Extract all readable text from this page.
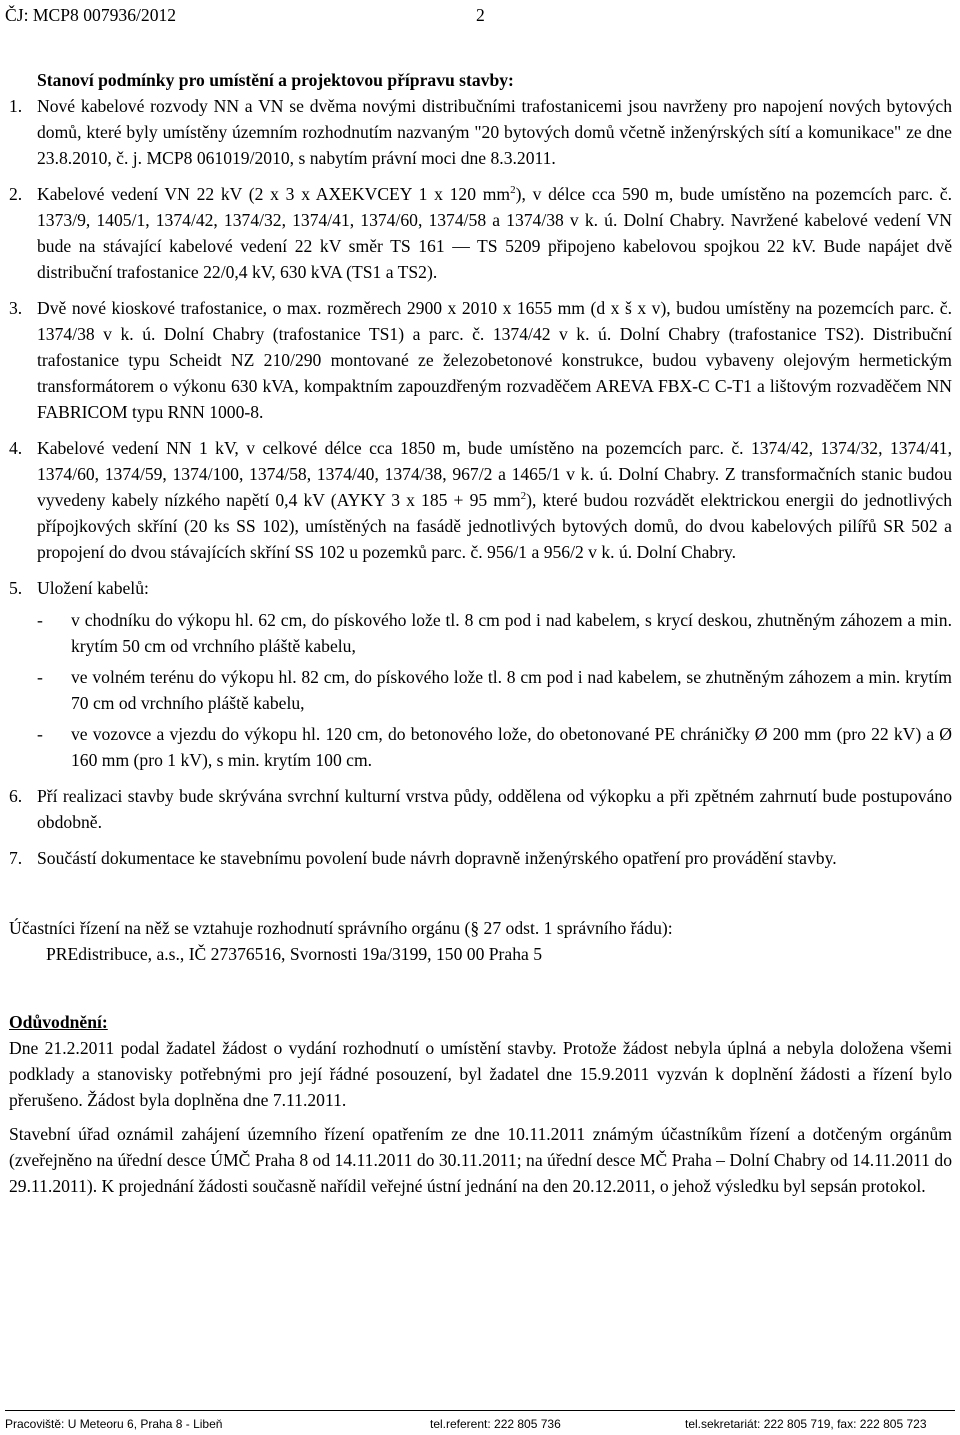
ČJ: MCP8 007936/2012	2

Stanoví podmínky pro umístění a projektovou přípravu stavby:

1. Nové kabelové rozvody NN a VN se dvěma novými distribučními trafostanicemi jsou navrženy pro napojení nových bytových domů, které byly umístěny územním rozhodnutím nazvaným "20 bytových domů včetně inženýrských sítí a komunikace" ze dne 23.8.2010, č. j. MCP8 061019/2010, s nabytím právní moci dne 8.3.2011.
2. Kabelové vedení VN 22 kV (2 x 3 x AXEKVCEY 1 x 120 $mm^2$), v délce cca 590 m, bude umístěno na pozemcích parc. č. 1373/9, 1405/1, 1374/42, 1374/32, 1374/41, 1374/60, 1374/58 a 1374/38 v k. ú. Dolní Chabry. Navržené kabelové vedení VN bude na stávající kabelové vedení 22 kV směr TS 161 — TS 5209 připojeno kabelovou spojkou 22 kV. Bude napájet dvě distribuční trafostanice 22/0,4 kV, 630 kVA (TS1 a TS2).
3. Dvě nové kioskové trafostanice, o max. rozměrech 2900 x 2010 x 1655 mm (d x š x v), budou umístěny na pozemcích parc. č. 1374/38 v k. ú. Dolní Chabry (trafostanice TS1) a parc. č. 1374/42 v k. ú. Dolní Chabry (trafostanice TS2). Distribuční trafostanice typu Scheidt NZ 210/290 montované ze železobetonové konstrukce, budou vybaveny olejovým hermetickým transformátorem o výkonu 630 kVA, kompaktním zapouzdřeným rozvaděčem AREVA FBX-C C-T1 a lištovým rozvaděčem NN FABRICOM typu RNN 1000-8.
4. Kabelové vedení NN 1 kV, v celkové délce cca 1850 m, bude umístěno na pozemcích parc. č. 1374/42, 1374/32, 1374/41, 1374/60, 1374/59, 1374/100, 1374/58, 1374/40, 1374/38, 967/2 a 1465/1 v k. ú. Dolní Chabry. Z transformačních stanic budou vyvedeny kabely nízkého napětí 0,4 kV (AYKY 3 x 185 + 95 $mm^2$), které budou rozvádět elektrickou energii do jednotlivých přípojkových skříní (20 ks SS 102), umístěných na fasádě jednotlivých bytových domů, do dvou kabelových pilířů SR 502 a propojení do dvou stávajících skříní SS 102 u pozemků parc. č. 956/1 a 956/2 v k. ú. Dolní Chabry.
5. Uložení kabelů:
- v chodníku do výkopu hl. 62 cm, do pískového lože tl. 8 cm pod i nad kabelem, s krycí deskou, zhutněným záhozem a min. krytím 50 cm od vrchního pláště kabelu,
- ve volném terénu do výkopu hl. 82 cm, do pískového lože tl. 8 cm pod i nad kabelem, se zhutněným záhozem a min. krytím 70 cm od vrchního pláště kabelu,
- ve vozovce a vjezdu do výkopu hl. 120 cm, do betonového lože, do obetonované PE chráničky Ø 200 mm (pro 22 kV) a Ø 160 mm (pro 1 kV), s min. krytím 100 cm.
6. Pří realizaci stavby bude skrývána svrchní kulturní vrstva půdy, oddělena od výkopku a při zpětném zahrnutí bude postupováno obdobně.
7. Součástí dokumentace ke stavebnímu povolení bude návrh dopravně inženýrského opatření pro provádění stavby.

Účastníci řízení na něž se vztahuje rozhodnutí správního orgánu (§ 27 odst. 1 správního řádu):

PREdistribuce, a.s., IČ 27376516, Svornosti 19a/3199, 150 00 Praha 5

Odůvodnění:

Dne 21.2.2011 podal žadatel žádost o vydání rozhodnutí o umístění stavby. Protože žádost nebyla úplná a nebyla doložena všemi podklady a stanovisky potřebnými pro její řádné posouzení, byl žadatel dne 15.9.2011 vyzván k doplnění žádosti a řízení bylo přerušeno. Žádost byla doplněna dne 7.11.2011.

Stavební úřad oznámil zahájení územního řízení opatřením ze dne 10.11.2011 známým účastníkům řízení a dotčeným orgánům (zveřejněno na úřední desce ÚMČ Praha 8 od 14.11.2011 do 30.11.2011; na úřední desce MČ Praha – Dolní Chabry od 14.11.2011 do 29.11.2011). K projednání žádosti současně nařídil veřejné ústní jednání na den 20.12.2011, o jehož výsledku byl sepsán protokol.

Pracoviště: U Meteoru 6, Praha 8 - Libeň	tel.referent: 222 805 736	tel.sekretariát: 222 805 719, fax: 222 805 723
